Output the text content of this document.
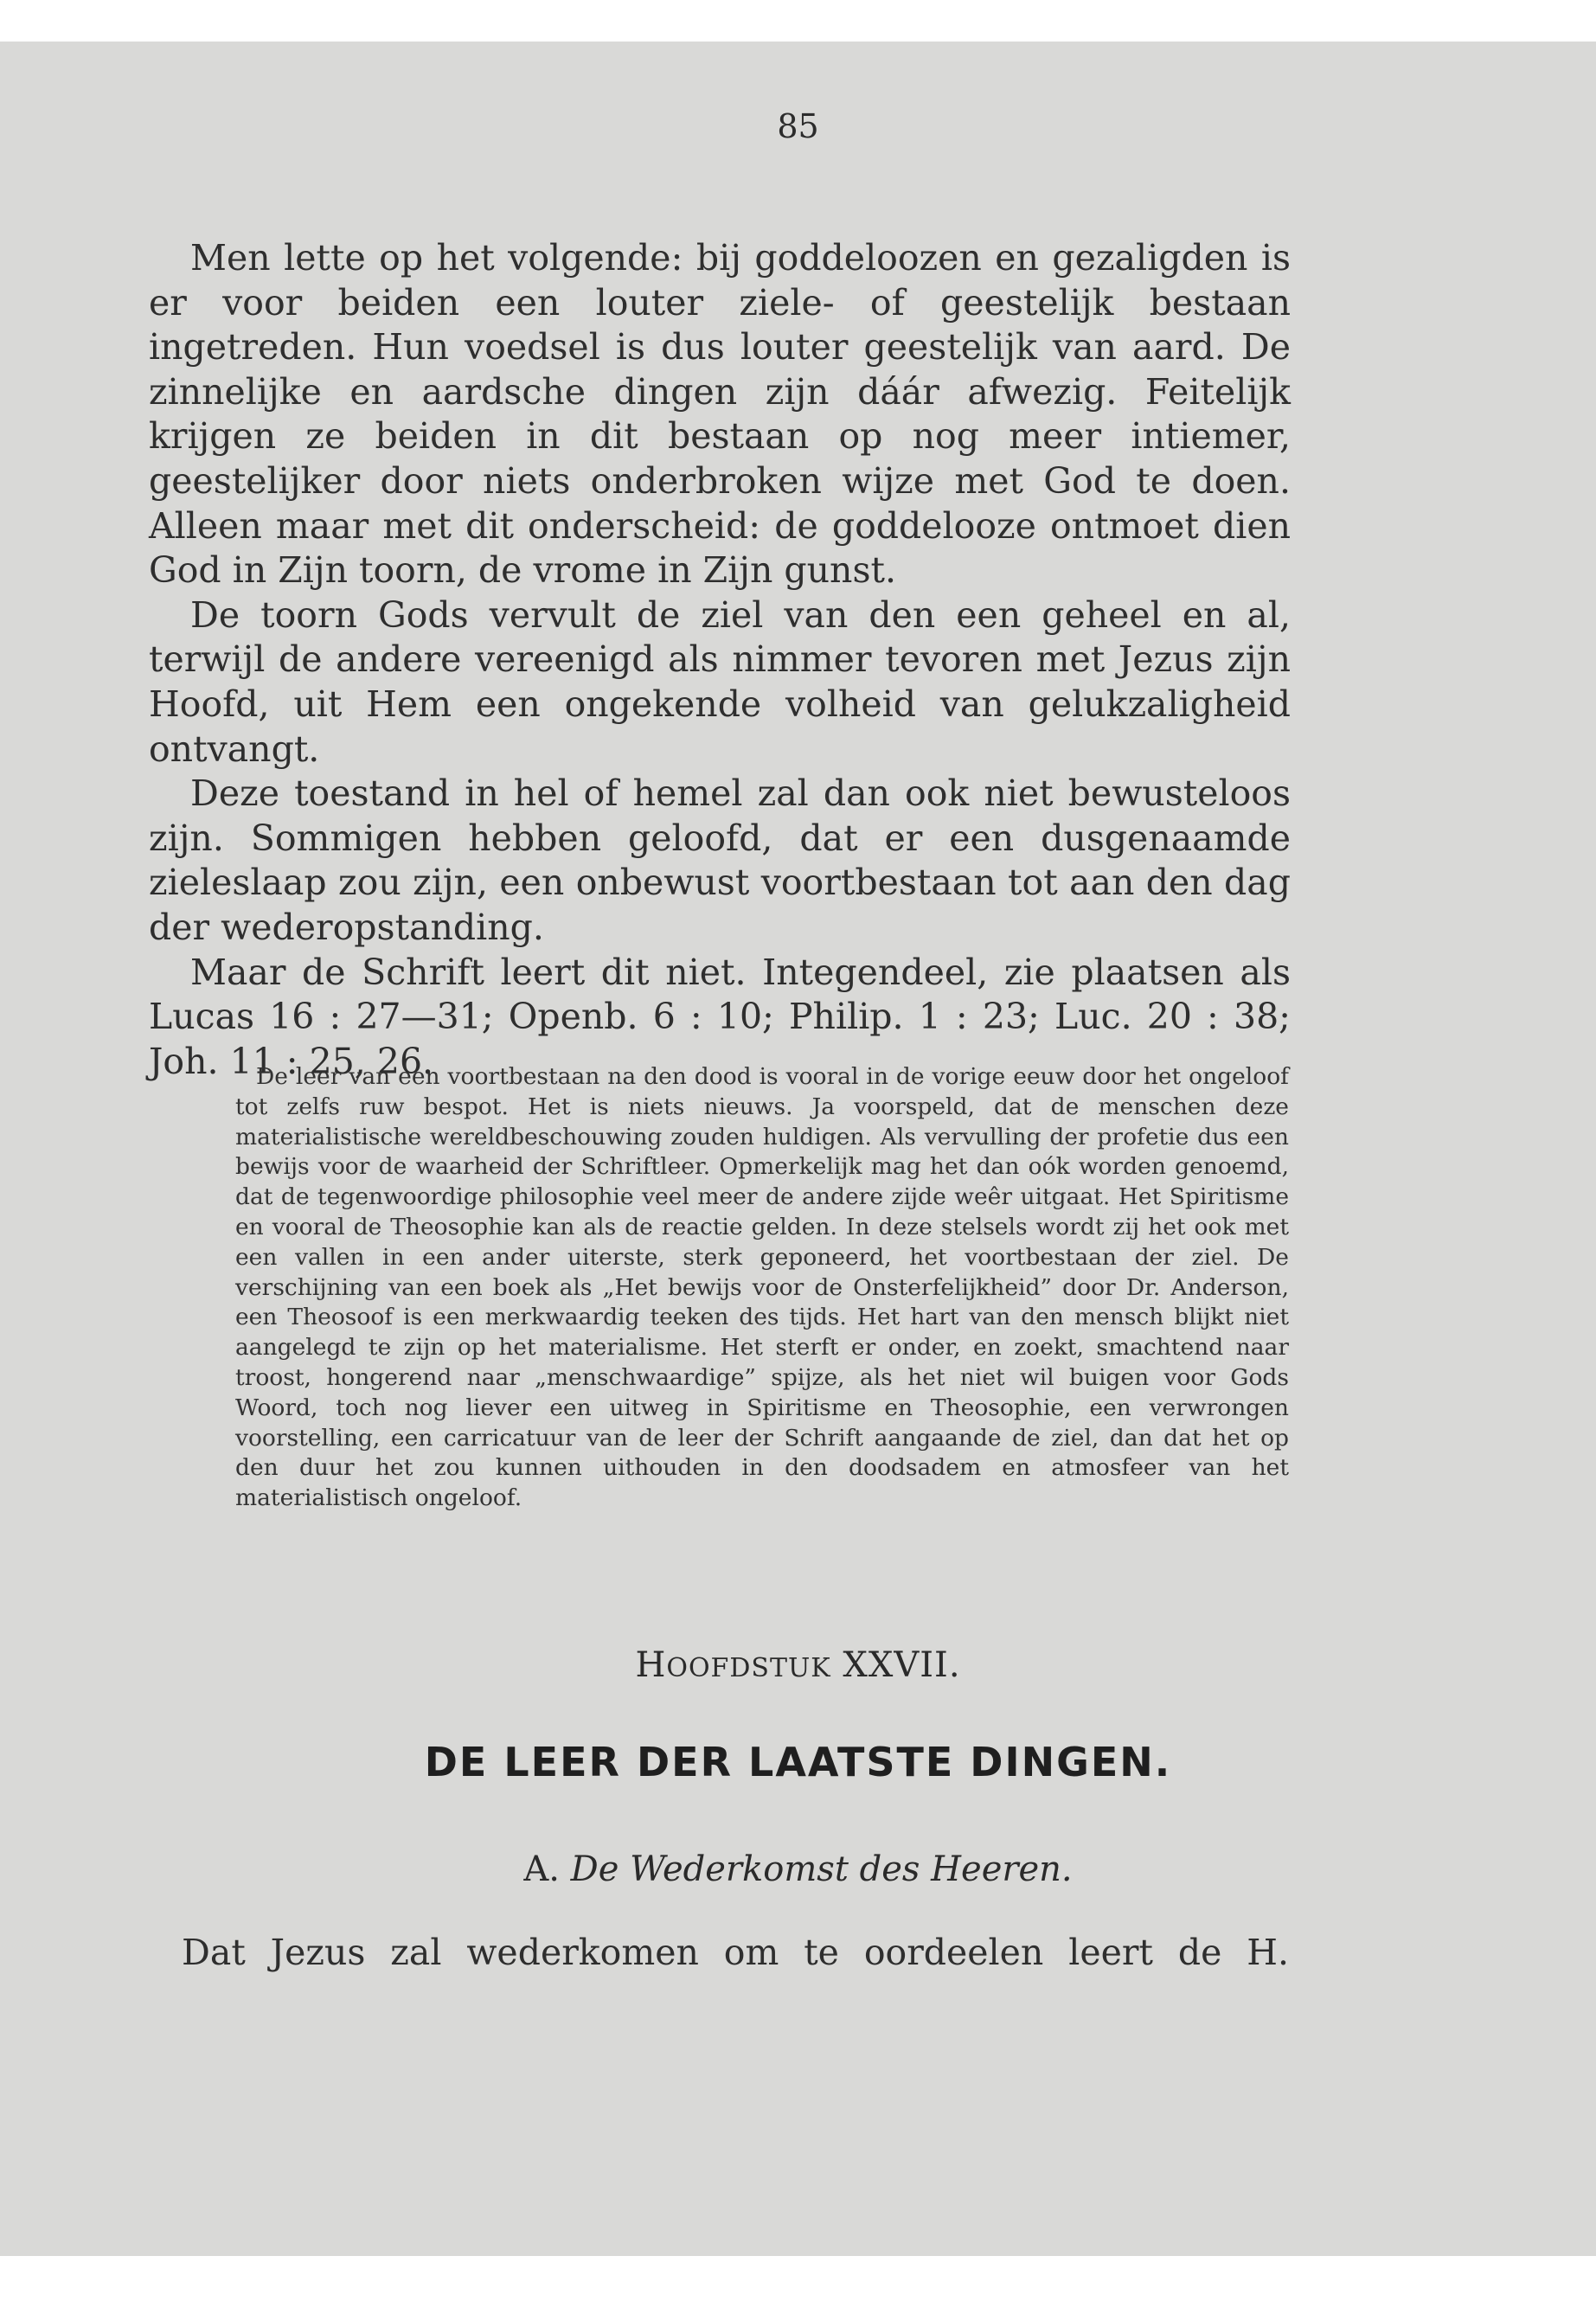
85

Men lette op het volgende: bij goddeloozen en gezaligden is er voor beiden een louter ziele- of geestelijk bestaan ingetreden. Hun voedsel is dus louter geestelijk van aard. De zinnelijke en aardsche dingen zijn dáár afwezig. Feitelijk krijgen ze beiden in dit bestaan op nog meer intiemer, geestelijker door niets onderbroken wijze met God te doen. Alleen maar met dit onderscheid: de goddelooze ontmoet dien God in Zijn toorn, de vrome in Zijn gunst.

De toorn Gods vervult de ziel van den een geheel en al, terwijl de andere vereenigd als nimmer tevoren met Jezus zijn Hoofd, uit Hem een ongekende volheid van gelukzaligheid ontvangt.

Deze toestand in hel of hemel zal dan ook niet bewusteloos zijn. Sommigen hebben geloofd, dat er een dusgenaamde zieleslaap zou zijn, een onbewust voortbestaan tot aan den dag der wederopstanding.

Maar de Schrift leert dit niet. Integendeel, zie plaatsen als Lucas 16 : 27—31; Openb. 6 : 10; Philip. 1 : 23; Luc. 20 : 38; Joh. 11 : 25, 26.

De leer van een voortbestaan na den dood is vooral in de vorige eeuw door het ongeloof tot zelfs ruw bespot. Het is niets nieuws. Ja voorspeld, dat de menschen deze materialistische wereldbeschouwing zouden huldigen. Als vervulling der profetie dus een bewijs voor de waarheid der Schriftleer. Opmerkelijk mag het dan oók worden genoemd, dat de tegenwoordige philosophie veel meer de andere zijde weêr uitgaat. Het Spiritisme en vooral de Theosophie kan als de reactie gelden. In deze stelsels wordt zij het ook met een vallen in een ander uiterste, sterk geponeerd, het voortbestaan der ziel. De verschijning van een boek als „Het bewijs voor de Onsterfelijkheid” door Dr. Anderson, een Theosoof is een merkwaardig teeken des tijds. Het hart van den mensch blijkt niet aangelegd te zijn op het materialisme. Het sterft er onder, en zoekt, smachtend naar troost, hongerend naar „menschwaardige” spijze, als het niet wil buigen voor Gods Woord, toch nog liever een uitweg in Spiritisme en Theosophie, een verwrongen voorstelling, een carricatuur van de leer der Schrift aangaande de ziel, dan dat het op den duur het zou kunnen uithouden in den doodsadem en atmosfeer van het materialistisch ongeloof.
HOOFDSTUK XXVII.
DE LEER DER LAATSTE DINGEN.
A. De Wederkomst des Heeren.
Dat Jezus zal wederkomen om te oordeelen leert de H.
